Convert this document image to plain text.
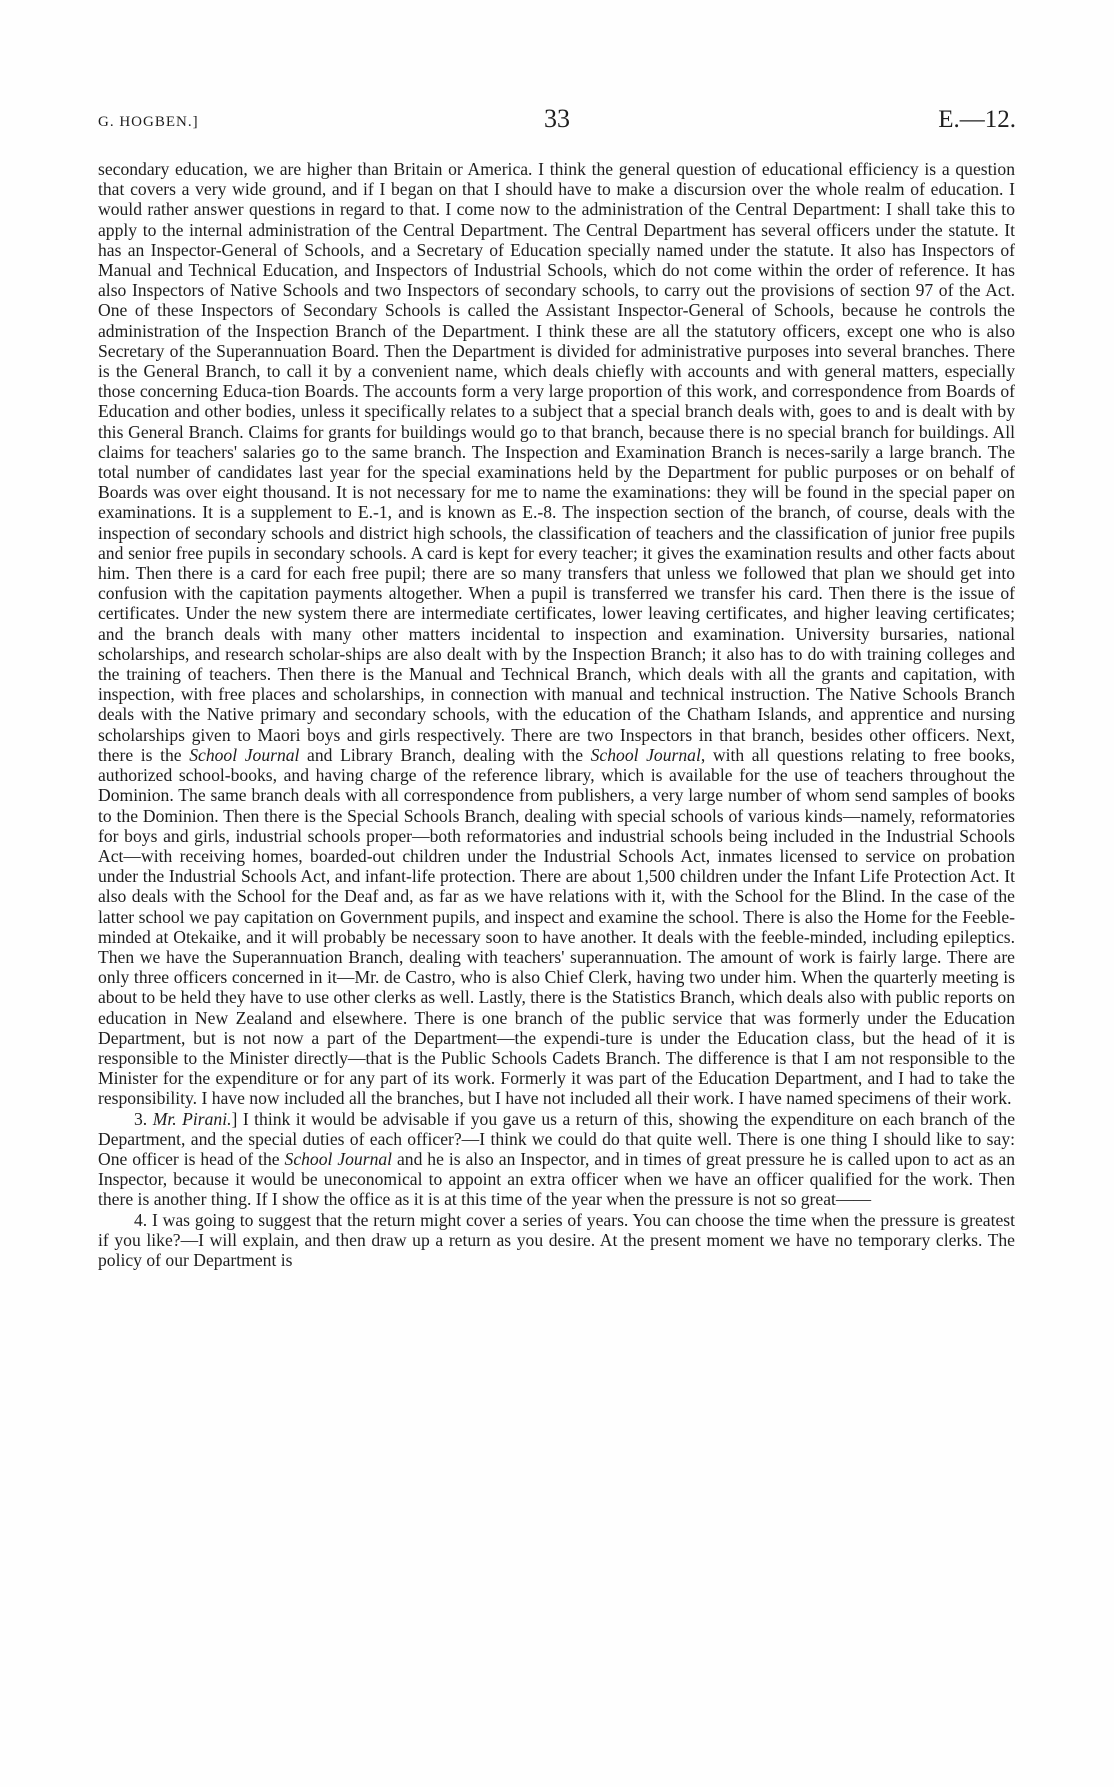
G. HOGBEN.]	33	E.—12.

secondary education, we are higher than Britain or America. I think the general question of educational efficiency is a question that covers a very wide ground, and if I began on that I should have to make a discursion over the whole realm of education. I would rather answer questions in regard to that. I come now to the administration of the Central Department: I shall take this to apply to the internal administration of the Central Department. The Central Department has several officers under the statute. It has an Inspector-General of Schools, and a Secretary of Education specially named under the statute. It also has Inspectors of Manual and Technical Education, and Inspectors of Industrial Schools, which do not come within the order of reference. It has also Inspectors of Native Schools and two Inspectors of secondary schools, to carry out the provisions of section 97 of the Act. One of these Inspectors of Secondary Schools is called the Assistant Inspector-General of Schools, because he controls the administration of the Inspection Branch of the Department. I think these are all the statutory officers, except one who is also Secretary of the Superannuation Board. Then the Department is divided for administrative purposes into several branches. There is the General Branch, to call it by a convenient name, which deals chiefly with accounts and with general matters, especially those concerning Educa-tion Boards. The accounts form a very large proportion of this work, and correspondence from Boards of Education and other bodies, unless it specifically relates to a subject that a special branch deals with, goes to and is dealt with by this General Branch. Claims for grants for buildings would go to that branch, because there is no special branch for buildings. All claims for teachers' salaries go to the same branch. The Inspection and Examination Branch is neces-sarily a large branch. The total number of candidates last year for the special examinations held by the Department for public purposes or on behalf of Boards was over eight thousand. It is not necessary for me to name the examinations: they will be found in the special paper on examinations. It is a supplement to E.-1, and is known as E.-8. The inspection section of the branch, of course, deals with the inspection of secondary schools and district high schools, the classification of teachers and the classification of junior free pupils and senior free pupils in secondary schools. A card is kept for every teacher; it gives the examination results and other facts about him. Then there is a card for each free pupil; there are so many transfers that unless we followed that plan we should get into confusion with the capitation payments altogether. When a pupil is transferred we transfer his card. Then there is the issue of certificates. Under the new system there are intermediate certificates, lower leaving certificates, and higher leaving certificates; and the branch deals with many other matters incidental to inspection and examination. University bursaries, national scholarships, and research scholar-ships are also dealt with by the Inspection Branch; it also has to do with training colleges and the training of teachers. Then there is the Manual and Technical Branch, which deals with all the grants and capitation, with inspection, with free places and scholarships, in connection with manual and technical instruction. The Native Schools Branch deals with the Native primary and secondary schools, with the education of the Chatham Islands, and apprentice and nursing scholarships given to Maori boys and girls respectively. There are two Inspectors in that branch, besides other officers. Next, there is the School Journal and Library Branch, dealing with the School Journal, with all questions relating to free books, authorized school-books, and having charge of the reference library, which is available for the use of teachers throughout the Dominion. The same branch deals with all correspondence from publishers, a very large number of whom send samples of books to the Dominion. Then there is the Special Schools Branch, dealing with special schools of various kinds—namely, reformatories for boys and girls, industrial schools proper—both reformatories and industrial schools being included in the Industrial Schools Act—with receiving homes, boarded-out children under the Industrial Schools Act, inmates licensed to service on probation under the Industrial Schools Act, and infant-life protection. There are about 1,500 children under the Infant Life Protection Act. It also deals with the School for the Deaf and, as far as we have relations with it, with the School for the Blind. In the case of the latter school we pay capitation on Government pupils, and inspect and examine the school. There is also the Home for the Feeble-minded at Otekaike, and it will probably be necessary soon to have another. It deals with the feeble-minded, including epileptics. Then we have the Superannuation Branch, dealing with teachers' superannuation. The amount of work is fairly large. There are only three officers concerned in it—Mr. de Castro, who is also Chief Clerk, having two under him. When the quarterly meeting is about to be held they have to use other clerks as well. Lastly, there is the Statistics Branch, which deals also with public reports on education in New Zealand and elsewhere. There is one branch of the public service that was formerly under the Education Department, but is not now a part of the Department—the expendi-ture is under the Education class, but the head of it is responsible to the Minister directly—that is the Public Schools Cadets Branch. The difference is that I am not responsible to the Minister for the expenditure or for any part of its work. Formerly it was part of the Education Department, and I had to take the responsibility. I have now included all the branches, but I have not included all their work. I have named specimens of their work.

3. Mr. Pirani.] I think it would be advisable if you gave us a return of this, showing the expenditure on each branch of the Department, and the special duties of each officer?—I think we could do that quite well. There is one thing I should like to say: One officer is head of the School Journal and he is also an Inspector, and in times of great pressure he is called upon to act as an Inspector, because it would be uneconomical to appoint an extra officer when we have an officer qualified for the work. Then there is another thing. If I show the office as it is at this time of the year when the pressure is not so great——

4. I was going to suggest that the return might cover a series of years. You can choose the time when the pressure is greatest if you like?—I will explain, and then draw up a return as you desire. At the present moment we have no temporary clerks. The policy of our Department is
